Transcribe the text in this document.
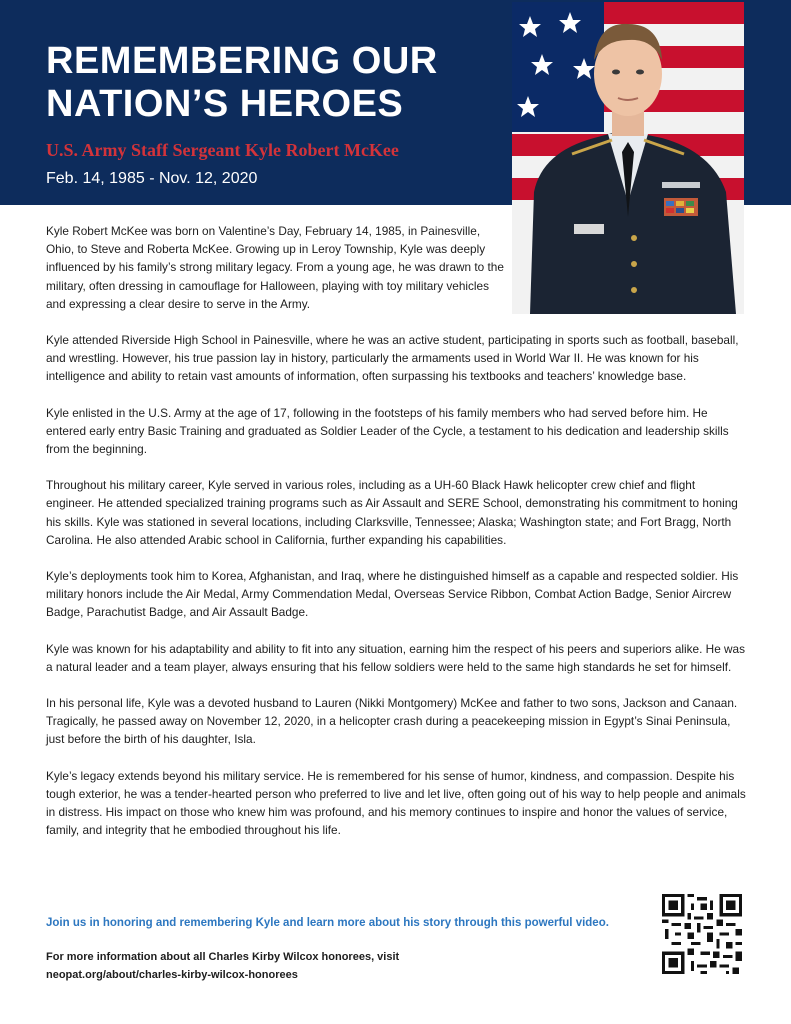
REMEMBERING OUR
NATION’S HEROES
U.S. Army Staff Sergeant Kyle Robert McKee
Feb. 14, 1985 - Nov. 12, 2020

Kyle Robert McKee was born on Valentine’s Day, February 14, 1985, in Painesville, Ohio, to Steve and Roberta McKee. Growing up in Leroy Township, Kyle was deeply influenced by his family’s strong military legacy. From a young age, he was drawn to the military, often dressing in camouflage for Halloween, playing with toy military vehicles and expressing a clear desire to serve in the Army.

Kyle attended Riverside High School in Painesville, where he was an active student, participating in sports such as football, baseball, and wrestling. However, his true passion lay in history, particularly the armaments used in World War II. He was known for his intelligence and ability to retain vast amounts of information, often surpassing his textbooks and teachers’ knowledge base.

Kyle enlisted in the U.S. Army at the age of 17, following in the footsteps of his family members who had served before him. He entered early entry Basic Training and graduated as Soldier Leader of the Cycle, a testament to his dedication and leadership skills from the beginning.

Throughout his military career, Kyle served in various roles, including as a UH-60 Black Hawk helicopter crew chief and flight engineer. He attended specialized training programs such as Air Assault and SERE School, demonstrating his commitment to honing his skills. Kyle was stationed in several locations, including Clarksville, Tennessee; Alaska; Washington state; and Fort Bragg, North Carolina. He also attended Arabic school in California, further expanding his capabilities.

Kyle’s deployments took him to Korea, Afghanistan, and Iraq, where he distinguished himself as a capable and respected soldier. His military honors include the Air Medal, Army Commendation Medal, Overseas Service Ribbon, Combat Action Badge, Senior Aircrew Badge, Parachutist Badge, and Air Assault Badge.

Kyle was known for his adaptability and ability to fit into any situation, earning him the respect of his peers and superiors alike. He was a natural leader and a team player, always ensuring that his fellow soldiers were held to the same high standards he set for himself.

In his personal life, Kyle was a devoted husband to Lauren (Nikki Montgomery) McKee and father to two sons, Jackson and Canaan. Tragically, he passed away on November 12, 2020, in a helicopter crash during a peacekeeping mission in Egypt’s Sinai Peninsula, just before the birth of his daughter, Isla.

Kyle’s legacy extends beyond his military service. He is remembered for his sense of humor, kindness, and compassion. Despite his tough exterior, he was a tender-hearted person who preferred to live and let live, often going out of his way to help people and animals in distress. His impact on those who knew him was profound, and his memory continues to inspire and honor the values of service, family, and integrity that he embodied throughout his life.

Join us in honoring and remembering Kyle and learn more about his story through this powerful video.
For more information about all Charles Kirby Wilcox honorees, visit
neopat.org/about/charles-kirby-wilcox-honorees
